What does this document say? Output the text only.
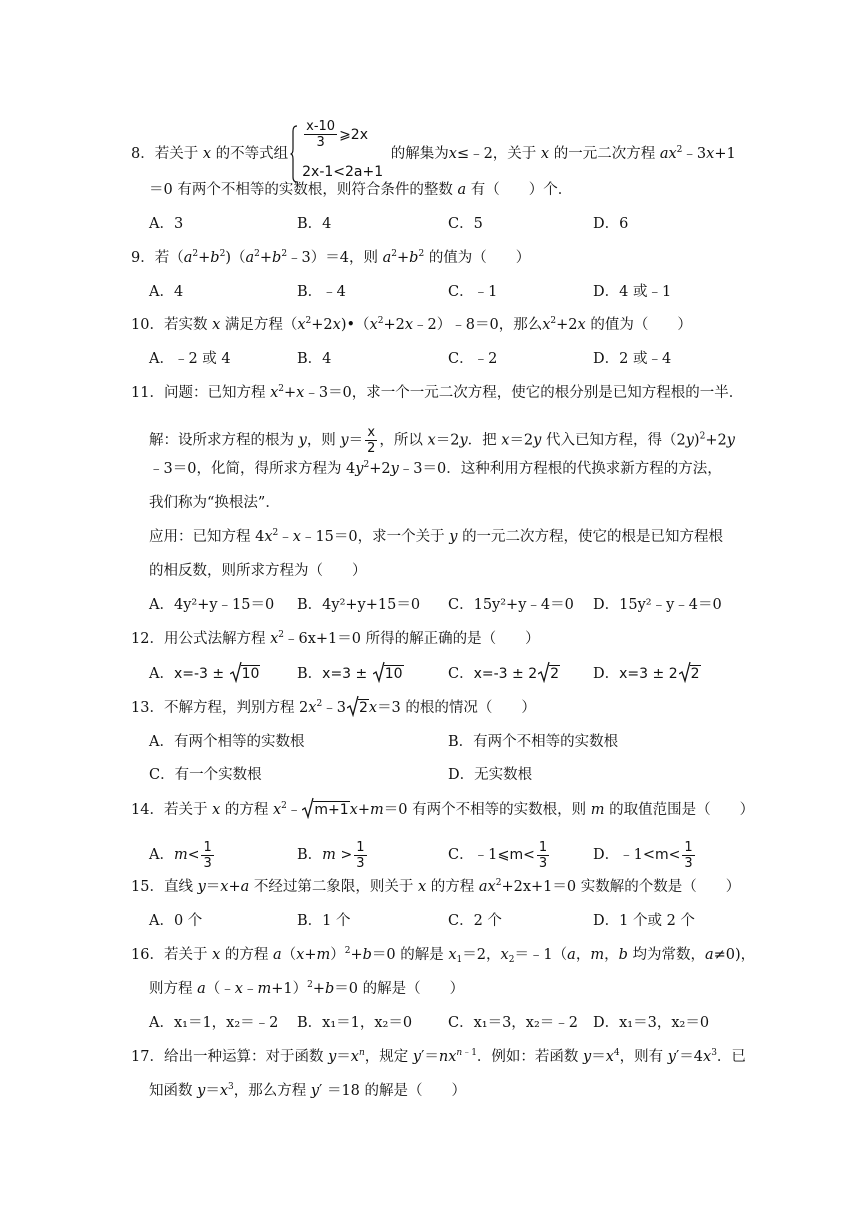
8．若关于 x 的不等式组
$\frac{x-10}{3}$ ⩾2x
2x-1<2a+1
的解集为x≤﹣2，关于 x 的一元二次方程 $ax^2﹣3x+1$
＝0 有两个不相等的实数根，则符合条件的整数 a 有（　　）个．
A．3	B．4	C．5	D．6
9．若$(a^2+b^2)(a^2+b^2﹣3)=4$，则 $a^2+b^2$ 的值为（　　）
A．4	B．﹣4	C．﹣1	D．4 或﹣1
10．若实数 x 满足方程$(x^2+2x)•(x^2+2x﹣2)﹣8=0$，那么$x^2+2x$ 的值为（　　）
A．﹣2 或 4	B．4	C．﹣2	D．2 或﹣4
11．问题：已知方程 $x^2+x﹣3=0$，求一个一元二次方程，使它的根分别是已知方程根的一半．
解：设所求方程的根为 y，则 $y= \frac{x}{2}$ ，所以 x＝2y．把 x＝2y 代入已知方程，得（2y)$^2$+2y
﹣3＝0，化简，得所求方程为 $4y^2+2y﹣3=0$．这种利用方程根的代换求新方程的方法，
我们称为“换根法”．
应用：已知方程 $4x^2﹣x﹣15=0$，求一个关于 y 的一元二次方程，使它的根是已知方程根
的相反数，则所求方程为（　　）
A．4y²+y﹣15＝0 B．4y²+y+15＝0 C．15y²+y﹣4＝0 D．15y²﹣y﹣4＝0
12．用公式法解方程 $x^2﹣6x+1=0$ 所得的解正确的是（　　）
A．x=-3 ±
10	B．x=3 ±
10	C．x=-3 ± 2 2 D．x=3 ± 2 2
13．不解方程，判别方程 $2x^2﹣3$ 2x＝3 的根的情况（　　）
A．有两个相等的实数根	B．有两个不相等的实数根
C．有一个实数根	D．无实数根
14．若关于 x 的方程 $x^2﹣$ m+1x+m＝0 有两个不相等的实数根，则 m 的取值范围是（　　）
A．$m< \frac{1}{3}$	B．$m > \frac{1}{3}$	C．﹣1⩽m< $\frac{1}{3}$	D．﹣1<m< $\frac{1}{3}$
15．直线 y＝x+a 不经过第二象限，则关于 x 的方程 $ax^2+2x+1=0$ 实数解的个数是（　　）
A．0 个	B．1 个	C．2 个	D．1 个或 2 个
16．若关于 x 的方程 $a(x+m)^2+b=0$ 的解是 $x_1=2$，$x_2=﹣1(a$，m，b 均为常数，a≠0)，
则方程 a（﹣x﹣m+1）$^2$+b＝0 的解是（　　）
A．x₁＝1，x₂＝﹣2 B．x₁＝1，x₂＝0 C．x₁＝3，x₂＝﹣2 D．x₁＝3，x₂＝0
17．给出一种运算：对于函数 $y=x^n$，规定 $y'=nx^{n﹣1}$．例如：若函数 $y=x^4$，则有 $y'=4x^3$．已
知函数 $y=x^3$，那么方程 y′ ＝18 的解是（　　）
